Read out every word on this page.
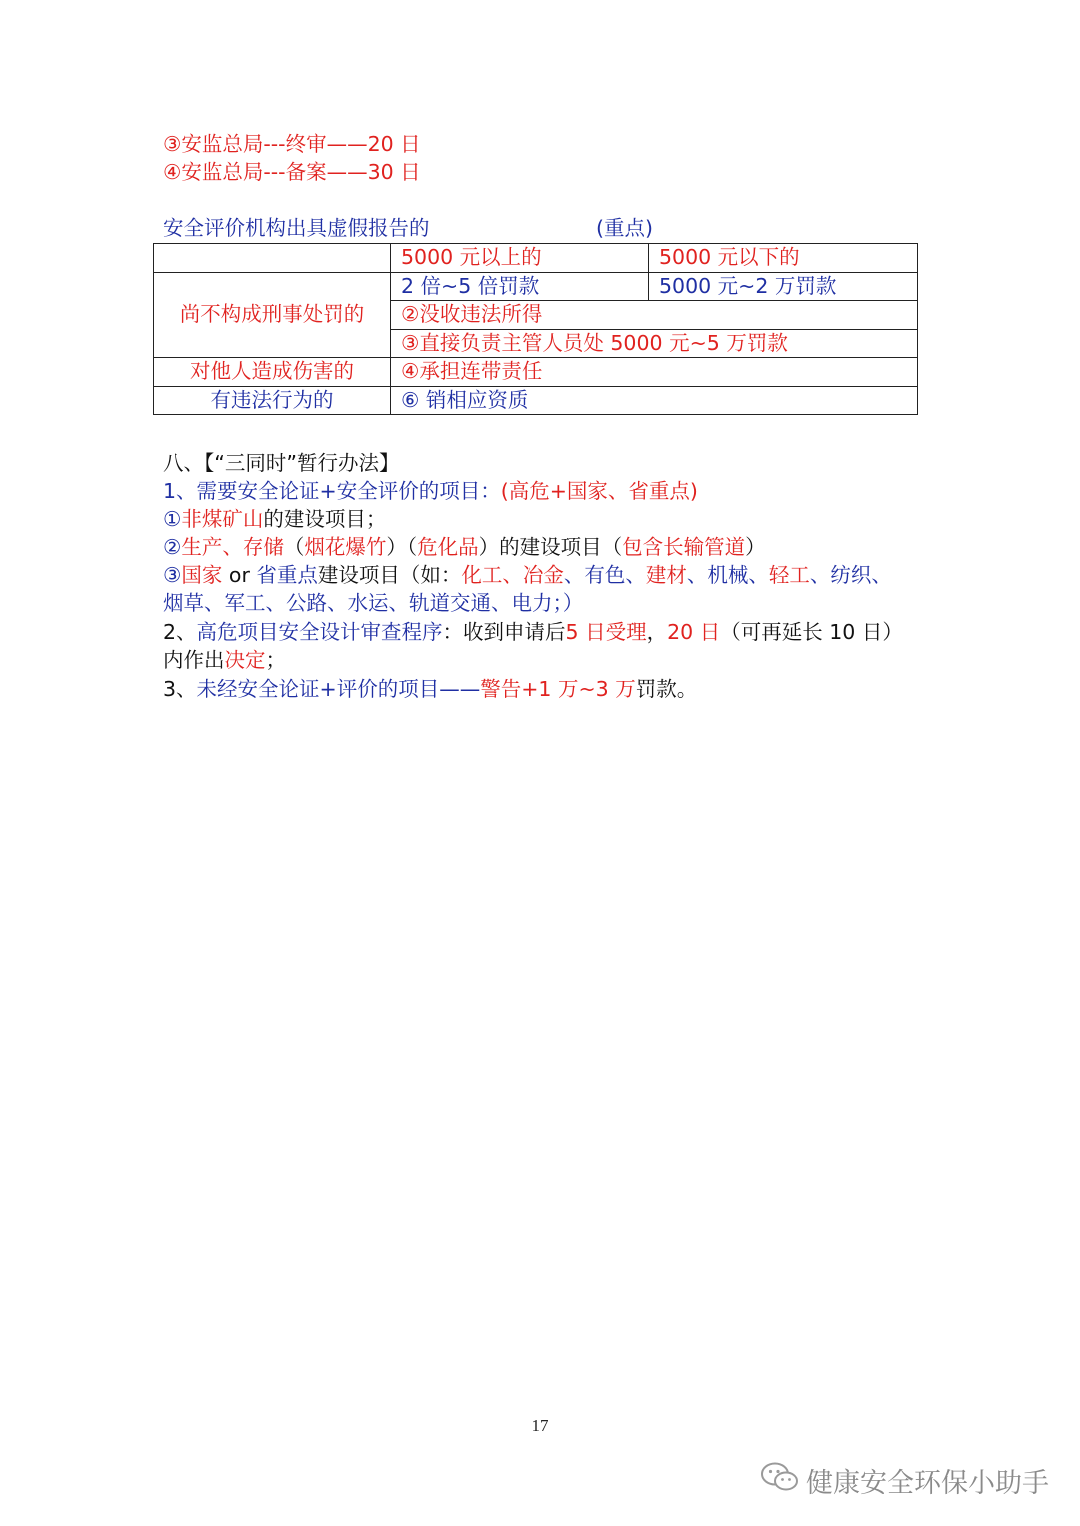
③安监总局---终审——20 日
④安监总局---备案——30 日
安全评价机构出具虚假报告的	(重点)
	5000 元以上的	5000 元以下的
尚不构成刑事处罚的	2 倍~5 倍罚款	5000 元~2 万罚款
	②没收违法所得	
	③直接负责主管人员处 5000 元~5 万罚款	
对他人造成伤害的	④承担连带责任	
有违法行为的	⑥ 销相应资质	
八、【“三同时”暂行办法】
1、需要安全论证+安全评价的项目：(高危+国家、省重点)
①非煤矿山的建设项目；
②生产、存储（烟花爆竹）（危化品）的建设项目（包含长输管道）
③国家 or 省重点建设项目（如：化工、冶金、有色、建材、机械、轻工、纺织、
烟草、军工、公路、水运、轨道交通、电力；）
2、高危项目安全设计审查程序：收到申请后5 日受理，20 日（可再延长 10 日）
内作出决定；
3、未经安全论证+评价的项目——警告+1 万~3 万罚款。
17
健康安全环保小助手
